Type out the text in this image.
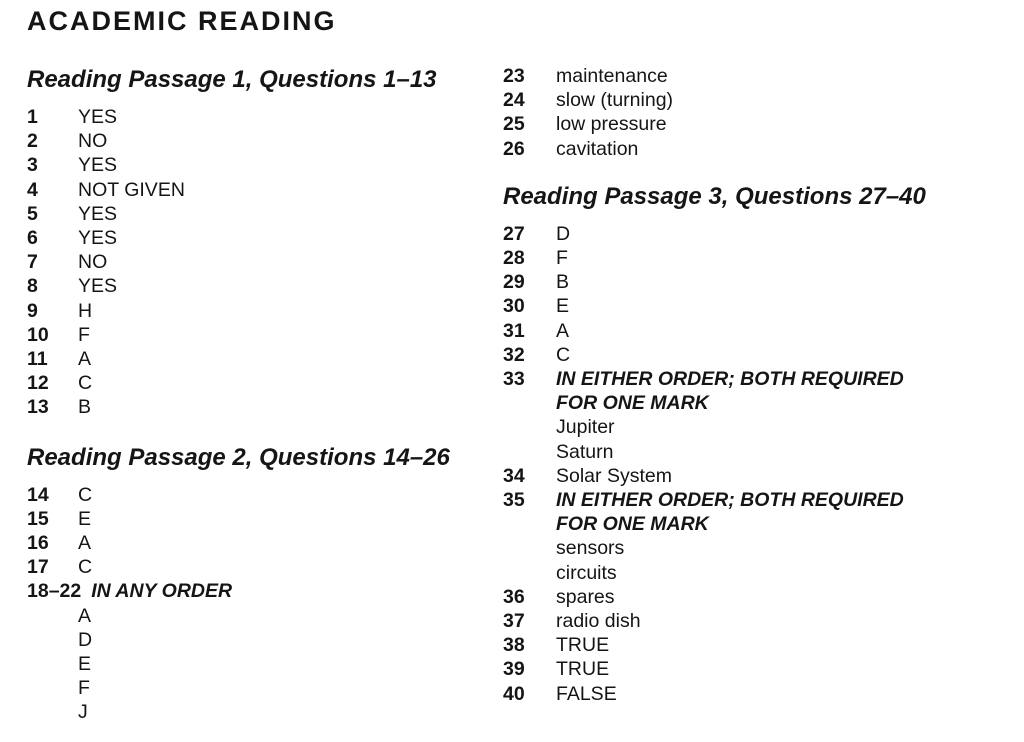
ACADEMIC READING
Reading Passage 1, Questions 1–13
1	YES
2	NO
3	YES
4	NOT GIVEN
5	YES
6	YES
7	NO
8	YES
9	H
10	F
11	A
12	C
13	B
Reading Passage 2, Questions 14–26
14	C
15	E
16	A
17	C
18–22 IN ANY ORDER
A
D
E
F
J
23	maintenance
24	slow (turning)
25	low pressure
26	cavitation
Reading Passage 3, Questions 27–40
27	D
28	F
29	B
30	E
31	A
32	C
33	IN EITHER ORDER; BOTH REQUIRED
FOR ONE MARK
Jupiter
Saturn
34	Solar System
35	IN EITHER ORDER; BOTH REQUIRED
FOR ONE MARK
sensors
circuits
36	spares
37	radio dish
38	TRUE
39	TRUE
40	FALSE
